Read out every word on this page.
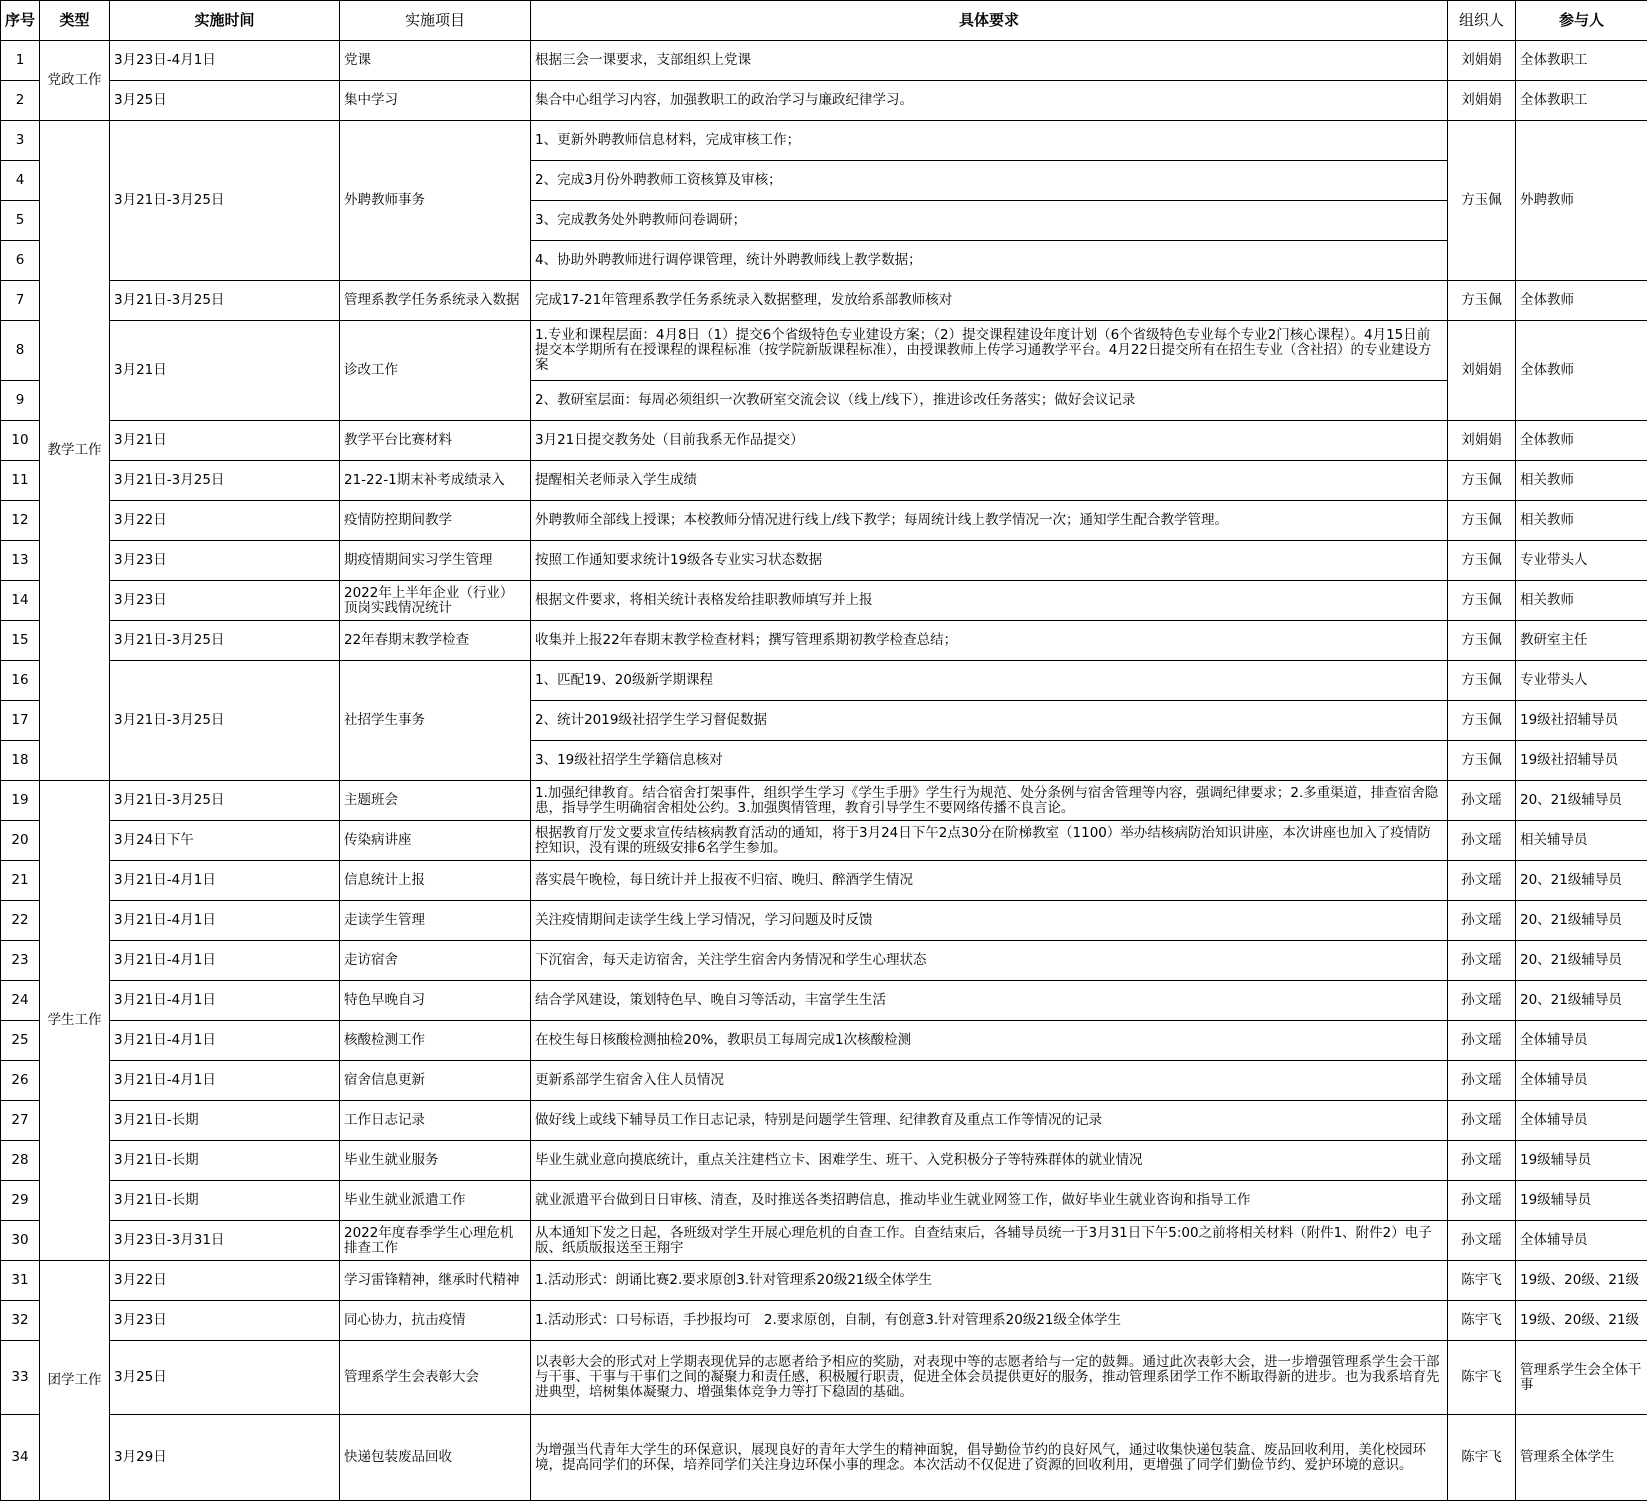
序号	类型	实施时间	实施项目	具体要求	组织人	参与人
1	党政工作	3月23日-4月1日	党课	根据三会一课要求，支部组织上党课	刘娟娟	全体教职工
2		3月25日	集中学习	集合中心组学习内容，加强教职工的政治学习与廉政纪律学习。	刘娟娟	全体教职工
3	教学工作	3月21日-3月25日	外聘教师事务	1、更新外聘教师信息材料，完成审核工作；	方玉佩	外聘教师
4				2、完成3月份外聘教师工资核算及审核；		
5				3、完成教务处外聘教师问卷调研；		
6				4、协助外聘教师进行调停课管理，统计外聘教师线上教学数据；		
7		3月21日-3月25日	管理系教学任务系统录入数据	完成17-21年管理系教学任务系统录入数据整理，发放给系部教师核对	方玉佩	全体教师
8		3月21日	诊改工作	1.专业和课程层面：4月8日（1）提交6个省级特色专业建设方案；（2）提交课程建设年度计划（6个省级特色专业每个专业2门核心课程）。4月15日前提交本学期所有在授课程的课程标准（按学院新版课程标准），由授课教师上传学习通教学平台。4月22日提交所有在招生专业（含社招）的专业建设方案	刘娟娟	全体教师
9				2、教研室层面：每周必须组织一次教研室交流会议（线上/线下），推进诊改任务落实；做好会议记录		
10		3月21日	教学平台比赛材料	3月21日提交教务处（目前我系无作品提交）	刘娟娟	全体教师
11		3月21日-3月25日	21-22-1期末补考成绩录入	提醒相关老师录入学生成绩	方玉佩	相关教师
12		3月22日	疫情防控期间教学	外聘教师全部线上授课；本校教师分情况进行线上/线下教学；每周统计线上教学情况一次；通知学生配合教学管理。	方玉佩	相关教师
13		3月23日	期疫情期间实习学生管理	按照工作通知要求统计19级各专业实习状态数据	方玉佩	专业带头人
14		3月23日	2022年上半年企业（行业）顶岗实践情况统计	根据文件要求，将相关统计表格发给挂职教师填写并上报	方玉佩	相关教师
15		3月21日-3月25日	22年春期末教学检查	收集并上报22年春期末教学检查材料；撰写管理系期初教学检查总结；	方玉佩	教研室主任
16		3月21日-3月25日	社招学生事务	1、匹配19、20级新学期课程	方玉佩	专业带头人
17				2、统计2019级社招学生学习督促数据	方玉佩	19级社招辅导员
18				3、19级社招学生学籍信息核对	方玉佩	19级社招辅导员
19	学生工作	3月21日-3月25日	主题班会	1.加强纪律教育。结合宿舍打架事件，组织学生学习《学生手册》学生行为规范、处分条例与宿舍管理等内容，强调纪律要求；2.多重渠道，排查宿舍隐患，指导学生明确宿舍相处公约。3.加强舆情管理，教育引导学生不要网络传播不良言论。	孙文瑶	20、21级辅导员
20		3月24日下午	传染病讲座	根据教育厅发文要求宣传结核病教育活动的通知，将于3月24日下午2点30分在阶梯教室（1100）举办结核病防治知识讲座，本次讲座也加入了疫情防控知识，没有课的班级安排6名学生参加。	孙文瑶	相关辅导员
21		3月21日-4月1日	信息统计上报	落实晨午晚检，每日统计并上报夜不归宿、晚归、醉酒学生情况	孙文瑶	20、21级辅导员
22		3月21日-4月1日	走读学生管理	关注疫情期间走读学生线上学习情况，学习问题及时反馈	孙文瑶	20、21级辅导员
23		3月21日-4月1日	走访宿舍	下沉宿舍，每天走访宿舍，关注学生宿舍内务情况和学生心理状态	孙文瑶	20、21级辅导员
24		3月21日-4月1日	特色早晚自习	结合学风建设，策划特色早、晚自习等活动，丰富学生生活	孙文瑶	20、21级辅导员
25		3月21日-4月1日	核酸检测工作	在校生每日核酸检测抽检20%，教职员工每周完成1次核酸检测	孙文瑶	全体辅导员
26		3月21日-4月1日	宿舍信息更新	更新系部学生宿舍入住人员情况	孙文瑶	全体辅导员
27		3月21日-长期	工作日志记录	做好线上或线下辅导员工作日志记录，特别是问题学生管理、纪律教育及重点工作等情况的记录	孙文瑶	全体辅导员
28		3月21日-长期	毕业生就业服务	毕业生就业意向摸底统计，重点关注建档立卡、困难学生、班干、入党积极分子等特殊群体的就业情况	孙文瑶	19级辅导员
29		3月21日-长期	毕业生就业派遣工作	就业派遣平台做到日日审核、清查，及时推送各类招聘信息，推动毕业生就业网签工作，做好毕业生就业咨询和指导工作	孙文瑶	19级辅导员
30		3月23日-3月31日	2022年度春季学生心理危机排查工作	从本通知下发之日起，各班级对学生开展心理危机的自查工作。自查结束后，各辅导员统一于3月31日下午5:00之前将相关材料（附件1、附件2）电子版、纸质版报送至王翔宇	孙文瑶	全体辅导员
31	团学工作	3月22日	学习雷锋精神，继承时代精神	1.活动形式：朗诵比赛2.要求原创3.针对管理系20级21级全体学生	陈宇飞	19级、20级、21级
32		3月23日	同心协力，抗击疫情	1.活动形式：口号标语，手抄报均可　2.要求原创，自制，有创意3.针对管理系20级21级全体学生	陈宇飞	19级、20级、21级
33		3月25日	管理系学生会表彰大会	以表彰大会的形式对上学期表现优异的志愿者给予相应的奖励，对表现中等的志愿者给与一定的鼓舞。通过此次表彰大会，进一步增强管理系学生会干部与干事、干事与干事们之间的凝聚力和责任感，积极履行职责，促进全体会员提供更好的服务，推动管理系团学工作不断取得新的进步。也为我系培育先进典型，培树集体凝聚力、增强集体竞争力等打下稳固的基础。	陈宇飞	管理系学生会全体干事
34		3月29日	快递包装废品回收	为增强当代青年大学生的环保意识，展现良好的青年大学生的精神面貌，倡导勤俭节约的良好风气，通过收集快递包装盒、废品回收利用，美化校园环境，提高同学们的环保，培养同学们关注身边环保小事的理念。本次活动不仅促进了资源的回收利用，更增强了同学们勤俭节约、爱护环境的意识。	陈宇飞	管理系全体学生
